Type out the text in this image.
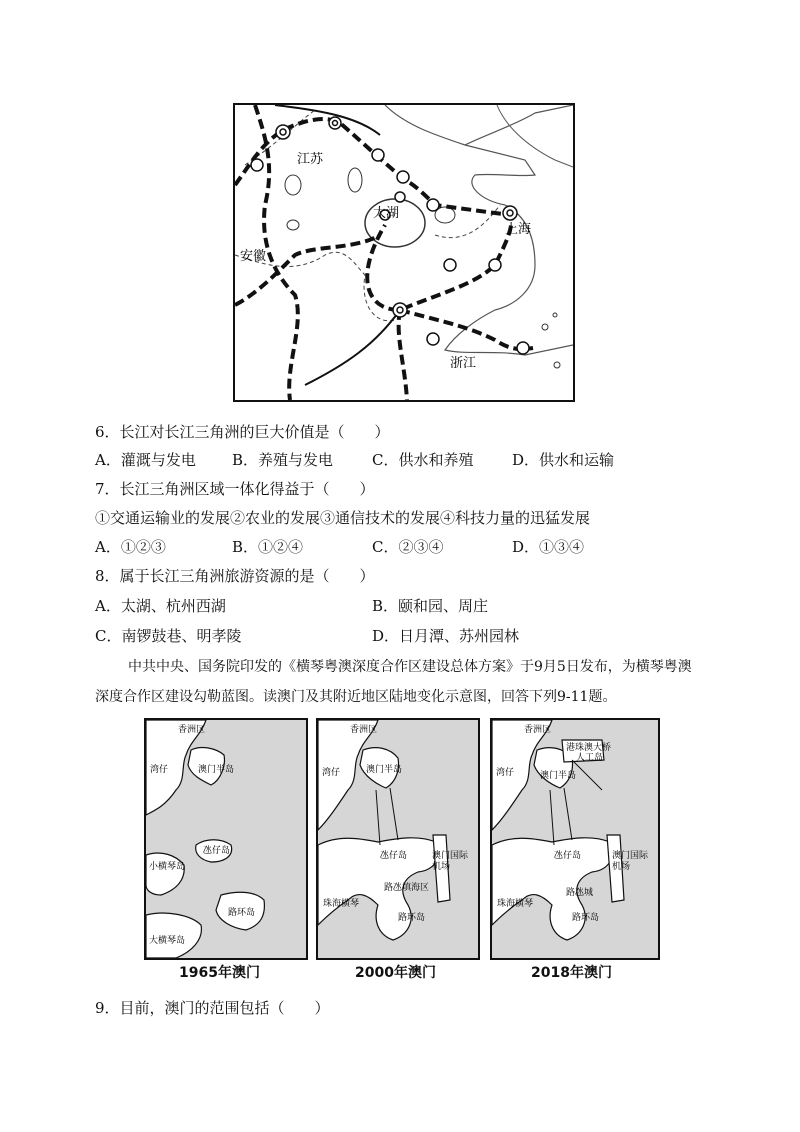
江苏
太湖
上海
安徽
浙江
6．长江对长江三角洲的巨大价值是（　　）
A．灌溉与发电 B．养殖与发电	C．供水和养殖	D．供水和运输
7．长江三角洲区域一体化得益于（　　）
①交通运输业的发展②农业的发展③通信技术的发展④科技力量的迅猛发展
A．①②③	B．①②④	C．②③④	D．①③④
8．属于长江三角洲旅游资源的是（　　）
A．太湖、杭州西湖	B．颐和园、周庄
C．南锣鼓巷、明孝陵	D．日月潭、苏州园林
中共中央、国务院印发的《横琴粤澳深度合作区建设总体方案》于9月5日发布，为横琴粤澳
深度合作区建设勾勒蓝图。读澳门及其附近地区陆地变化示意图，回答下列9-11题。
香洲区
湾仔	澳门半岛
氹仔岛
小横琴岛
路环岛
大横琴岛
1965年澳门
香洲区
湾仔	澳门半岛
氹仔岛	澳门国际
机场
珠海横琴
路氹填海区
路环岛
2000年澳门
香洲区
港珠澳大桥
人工岛
湾仔	澳门半岛
氹仔岛	澳门国际
机场
珠海横琴
路氹城
路环岛
2018年澳门
9．目前，澳门的范围包括（　　）
